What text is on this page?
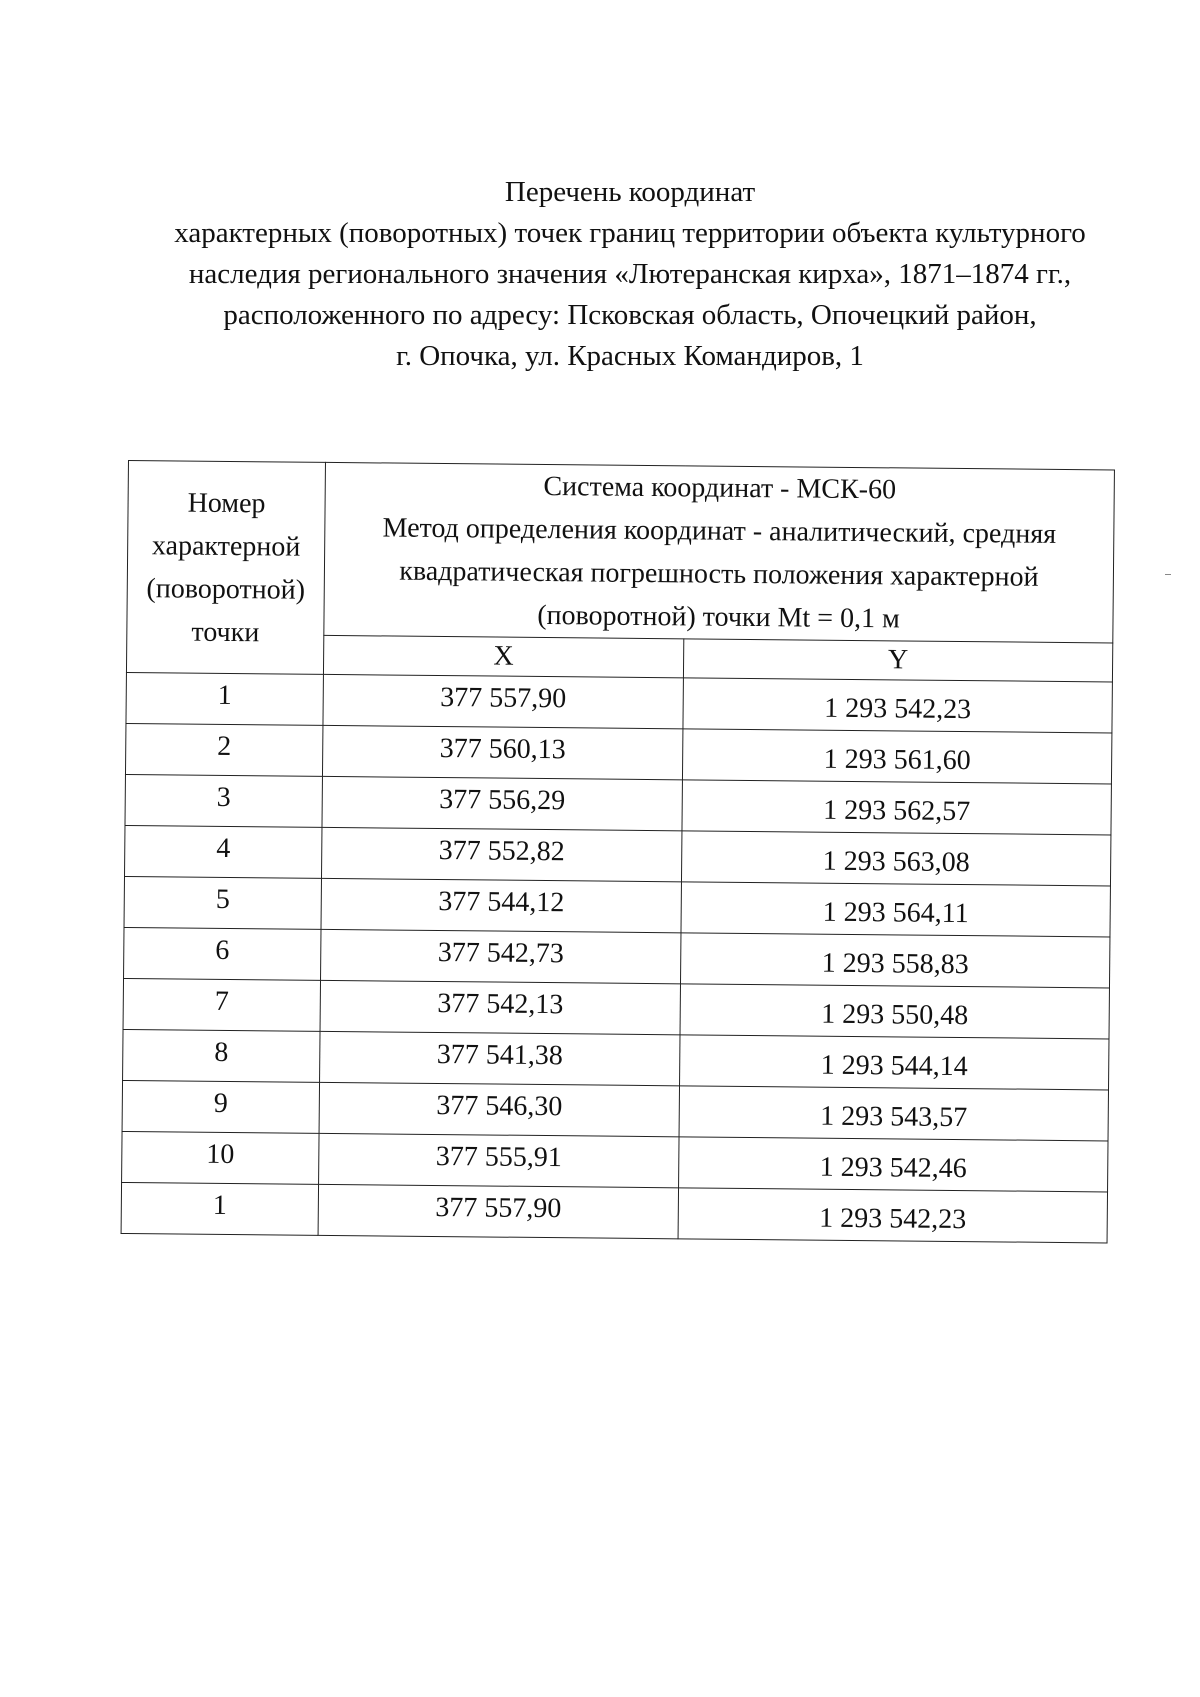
Перечень координат
характерных (поворотных) точек границ территории объекта культурного
наследия регионального значения «Лютеранская кирха», 1871–1874 гг.,
расположенного по адресу: Псковская область, Опочецкий район,
г. Опочка, ул. Красных Командиров, 1
Номер
характерной
(поворотной)
точки	Система координат - МСК-60
Метод определения координат - аналитический, средняя
квадратическая погрешность положения характерной
(поворотной) точки Mt = 0,1 м	

	X	Y
1	377 557,90	1 293 542,23
2	377 560,13	1 293 561,60
3	377 556,29	1 293 562,57
4	377 552,82	1 293 563,08
5	377 544,12	1 293 564,11
6	377 542,73	1 293 558,83
7	377 542,13	1 293 550,48
8	377 541,38	1 293 544,14
9	377 546,30	1 293 543,57
10	377 555,91	1 293 542,46
1	377 557,90	1 293 542,23
